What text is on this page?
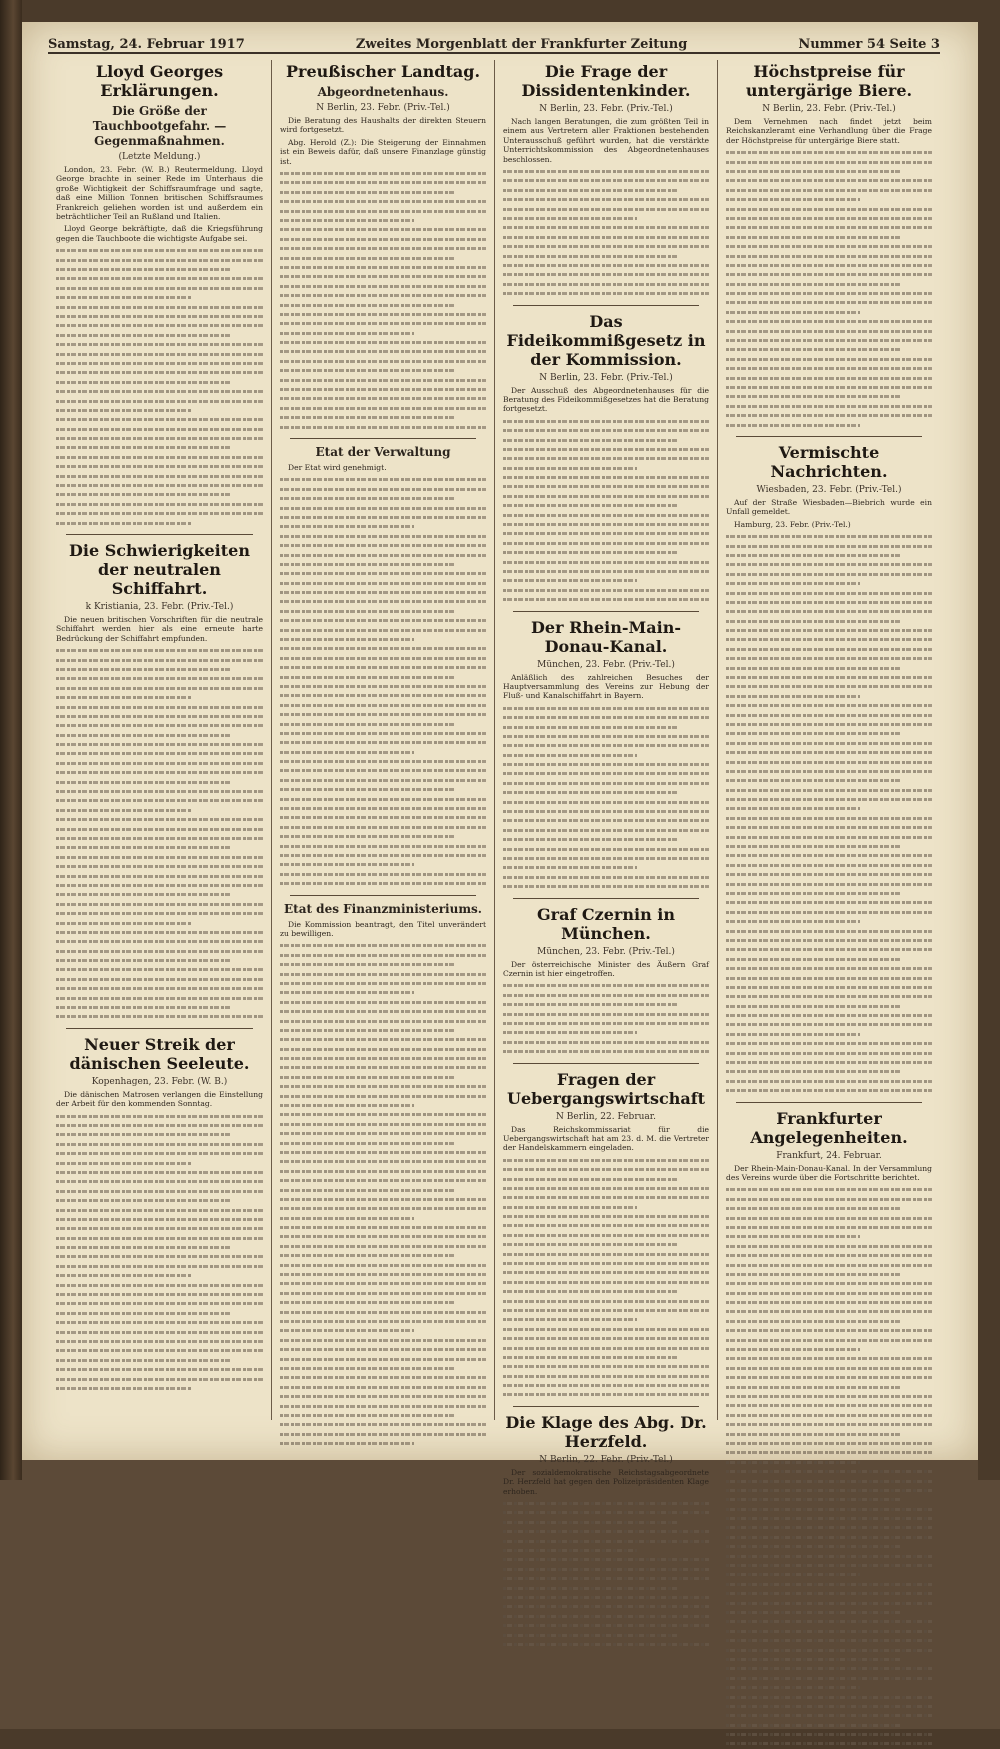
Samstag, 24. Februar 1917	Zweites Morgenblatt der Frankfurter Zeitung	Nummer 54 Seite 3
Lloyd Georges Erklärungen.
Die Größe der Tauchbootgefahr. — Gegenmaßnahmen.
(Letzte Meldung.)

London, 23. Febr. (W. B.) Reutermeldung. Lloyd George brachte in seiner Rede im Unterhaus die große Wichtigkeit der Schiffsraumfrage und sagte, daß eine Million Tonnen britischen Schiffsraumes Frankreich geliehen worden ist und außerdem ein beträchtlicher Teil an Rußland und Italien.

Lloyd George bekräftigte, daß die Kriegsführung gegen die Tauchboote die wichtigste Aufgabe sei.

Die Schwierigkeiten der neutralen Schiffahrt.
k Kristiania, 23. Febr. (Priv.-Tel.)

Die neuen britischen Vorschriften für die neutrale Schiffahrt werden hier als eine erneute harte Bedrückung der Schiffahrt empfunden.

Neuer Streik der dänischen Seeleute.
Kopenhagen, 23. Febr. (W. B.)

Die dänischen Matrosen verlangen die Einstellung der Arbeit für den kommenden Sonntag.

Preußischer Landtag.
Abgeordnetenhaus.
N Berlin, 23. Febr. (Priv.-Tel.)

Die Beratung des Haushalts der direkten Steuern wird fortgesetzt.

Abg. Herold (Z.): Die Steigerung der Einnahmen ist ein Beweis dafür, daß unsere Finanzlage günstig ist.

Etat der Verwaltung

Der Etat wird genehmigt.

Etat des Finanzministeriums.

Die Kommission beantragt, den Titel unverändert zu bewilligen.

Die Frage der Dissidentenkinder.
N Berlin, 23. Febr. (Priv.-Tel.)

Nach langen Beratungen, die zum größten Teil in einem aus Vertretern aller Fraktionen bestehenden Unterausschuß geführt wurden, hat die verstärkte Unterrichtskommission des Abgeordnetenhauses beschlossen.

Das Fideikommißgesetz in der Kommission.
N Berlin, 23. Febr. (Priv.-Tel.)

Der Ausschuß des Abgeordnetenhauses für die Beratung des Fideikommißgesetzes hat die Beratung fortgesetzt.

Der Rhein-Main-Donau-Kanal.
München, 23. Febr. (Priv.-Tel.)

Anläßlich des zahlreichen Besuches der Hauptversammlung des Vereins zur Hebung der Fluß- und Kanalschiffahrt in Bayern.

Graf Czernin in München.
München, 23. Febr. (Priv.-Tel.)

Der österreichische Minister des Äußern Graf Czernin ist hier eingetroffen.

Fragen der Uebergangswirtschaft
N Berlin, 22. Februar.

Das Reichskommissariat für die Uebergangswirtschaft hat am 23. d. M. die Vertreter der Handelskammern eingeladen.

Die Klage des Abg. Dr. Herzfeld.
N Berlin, 22. Febr. (Priv.-Tel.)

Der sozialdemokratische Reichstagsabgeordnete Dr. Herzfeld hat gegen den Polizeipräsidenten Klage erhoben.

Höchstpreise für untergärige Biere.
N Berlin, 23. Febr. (Priv.-Tel.)

Dem Vernehmen nach findet jetzt beim Reichskanzleramt eine Verhandlung über die Frage der Höchstpreise für untergärige Biere statt.

Vermischte Nachrichten.
Wiesbaden, 23. Febr. (Priv.-Tel.)

Auf der Straße Wiesbaden—Biebrich wurde ein Unfall gemeldet.

Hamburg, 23. Febr. (Priv.-Tel.)

Frankfurter Angelegenheiten.
Frankfurt, 24. Februar.

Der Rhein-Main-Donau-Kanal. In der Versammlung des Vereins wurde über die Fortschritte berichtet.
